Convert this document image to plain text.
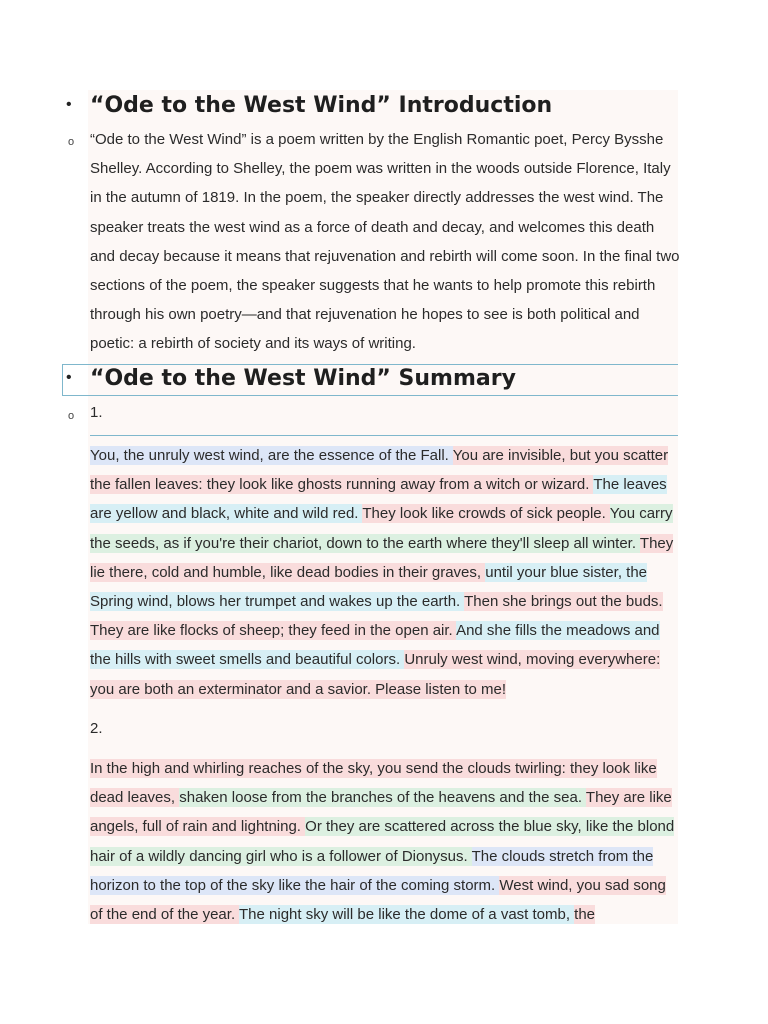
• “Ode to the West Wind” Introduction
o “Ode to the West Wind” is a poem written by the English Romantic poet, Percy Bysshe Shelley. According to Shelley, the poem was written in the woods outside Florence, Italy in the autumn of 1819. In the poem, the speaker directly addresses the west wind. The speaker treats the west wind as a force of death and decay, and welcomes this death and decay because it means that rejuvenation and rebirth will come soon. In the final two sections of the poem, the speaker suggests that he wants to help promote this rebirth through his own poetry—and that rejuvenation he hopes to see is both political and poetic: a rebirth of society and its ways of writing.
• “Ode to the West Wind” Summary
o 1.
You, the unruly west wind, are the essence of the Fall. You are invisible, but you scatter the fallen leaves: they look like ghosts running away from a witch or wizard. The leaves are yellow and black, white and wild red. They look like crowds of sick people. You carry the seeds, as if you're their chariot, down to the earth where they'll sleep all winter. They lie there, cold and humble, like dead bodies in their graves, until your blue sister, the Spring wind, blows her trumpet and wakes up the earth. Then she brings out the buds. They are like flocks of sheep; they feed in the open air. And she fills the meadows and the hills with sweet smells and beautiful colors. Unruly west wind, moving everywhere: you are both an exterminator and a savior. Please listen to me!
2.
In the high and whirling reaches of the sky, you send the clouds twirling: they look like dead leaves, shaken loose from the branches of the heavens and the sea. They are like angels, full of rain and lightning. Or they are scattered across the blue sky, like the blond hair of a wildly dancing girl who is a follower of Dionysus. The clouds stretch from the horizon to the top of the sky like the hair of the coming storm. West wind, you sad song of the end of the year. The night sky will be like the dome of a vast tomb, the
